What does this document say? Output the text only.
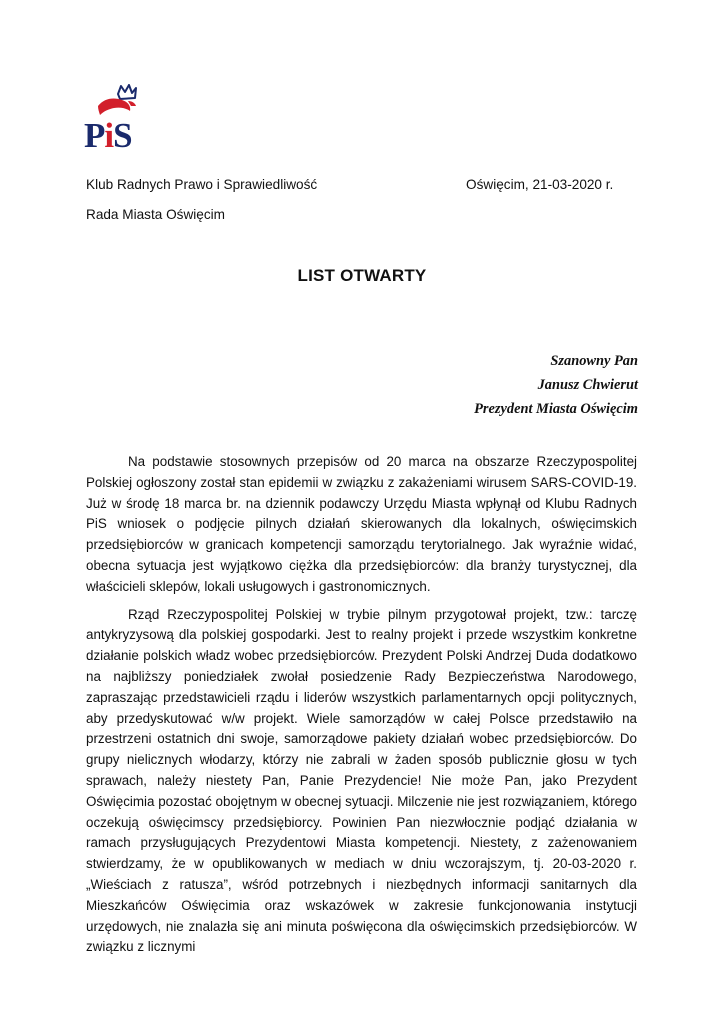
PiS
Klub Radnych Prawo i Sprawiedliwość	Oświęcim, 21-03-2020 r.
Rada Miasta Oświęcim
LIST OTWARTY
Szanowny Pan
Janusz Chwierut
Prezydent Miasta Oświęcim

Na podstawie stosownych przepisów od 20 marca na obszarze Rzeczypospolitej Polskiej ogłoszony został stan epidemii w związku z zakażeniami wirusem SARS-COVID-19. Już w środę 18 marca br. na dziennik podawczy Urzędu Miasta wpłynął od Klubu Radnych PiS wniosek o podjęcie pilnych działań skierowanych dla lokalnych, oświęcimskich przedsiębiorców w granicach kompetencji samorządu terytorialnego. Jak wyraźnie widać, obecna sytuacja jest wyjątkowo ciężka dla przedsiębiorców: dla branży turystycznej, dla właścicieli sklepów, lokali usługowych i gastronomicznych.

Rząd Rzeczypospolitej Polskiej w trybie pilnym przygotował projekt, tzw.: tarczę antykryzysową dla polskiej gospodarki. Jest to realny projekt i przede wszystkim konkretne działanie polskich władz wobec przedsiębiorców. Prezydent Polski Andrzej Duda dodatkowo na najbliższy poniedziałek zwołał posiedzenie Rady Bezpieczeństwa Narodowego, zapraszając przedstawicieli rządu i liderów wszystkich parlamentarnych opcji politycznych, aby przedyskutować w/w projekt. Wiele samorządów w całej Polsce przedstawiło na przestrzeni ostatnich dni swoje, samorządowe pakiety działań wobec przedsiębiorców. Do grupy nielicznych włodarzy, którzy nie zabrali w żaden sposób publicznie głosu w tych sprawach, należy niestety Pan, Panie Prezydencie! Nie może Pan, jako Prezydent Oświęcimia pozostać obojętnym w obecnej sytuacji. Milczenie nie jest rozwiązaniem, którego oczekują oświęcimscy przedsiębiorcy. Powinien Pan niezwłocznie podjąć działania w ramach przysługujących Prezydentowi Miasta kompetencji. Niestety, z zażenowaniem stwierdzamy, że w opublikowanych w mediach w dniu wczorajszym, tj. 20-03-2020 r. „Wieściach z ratusza”, wśród potrzebnych i niezbędnych informacji sanitarnych dla Mieszkańców Oświęcimia oraz wskazówek w zakresie funkcjonowania instytucji urzędowych, nie znalazła się ani minuta poświęcona dla oświęcimskich przedsiębiorców. W związku z licznymi
